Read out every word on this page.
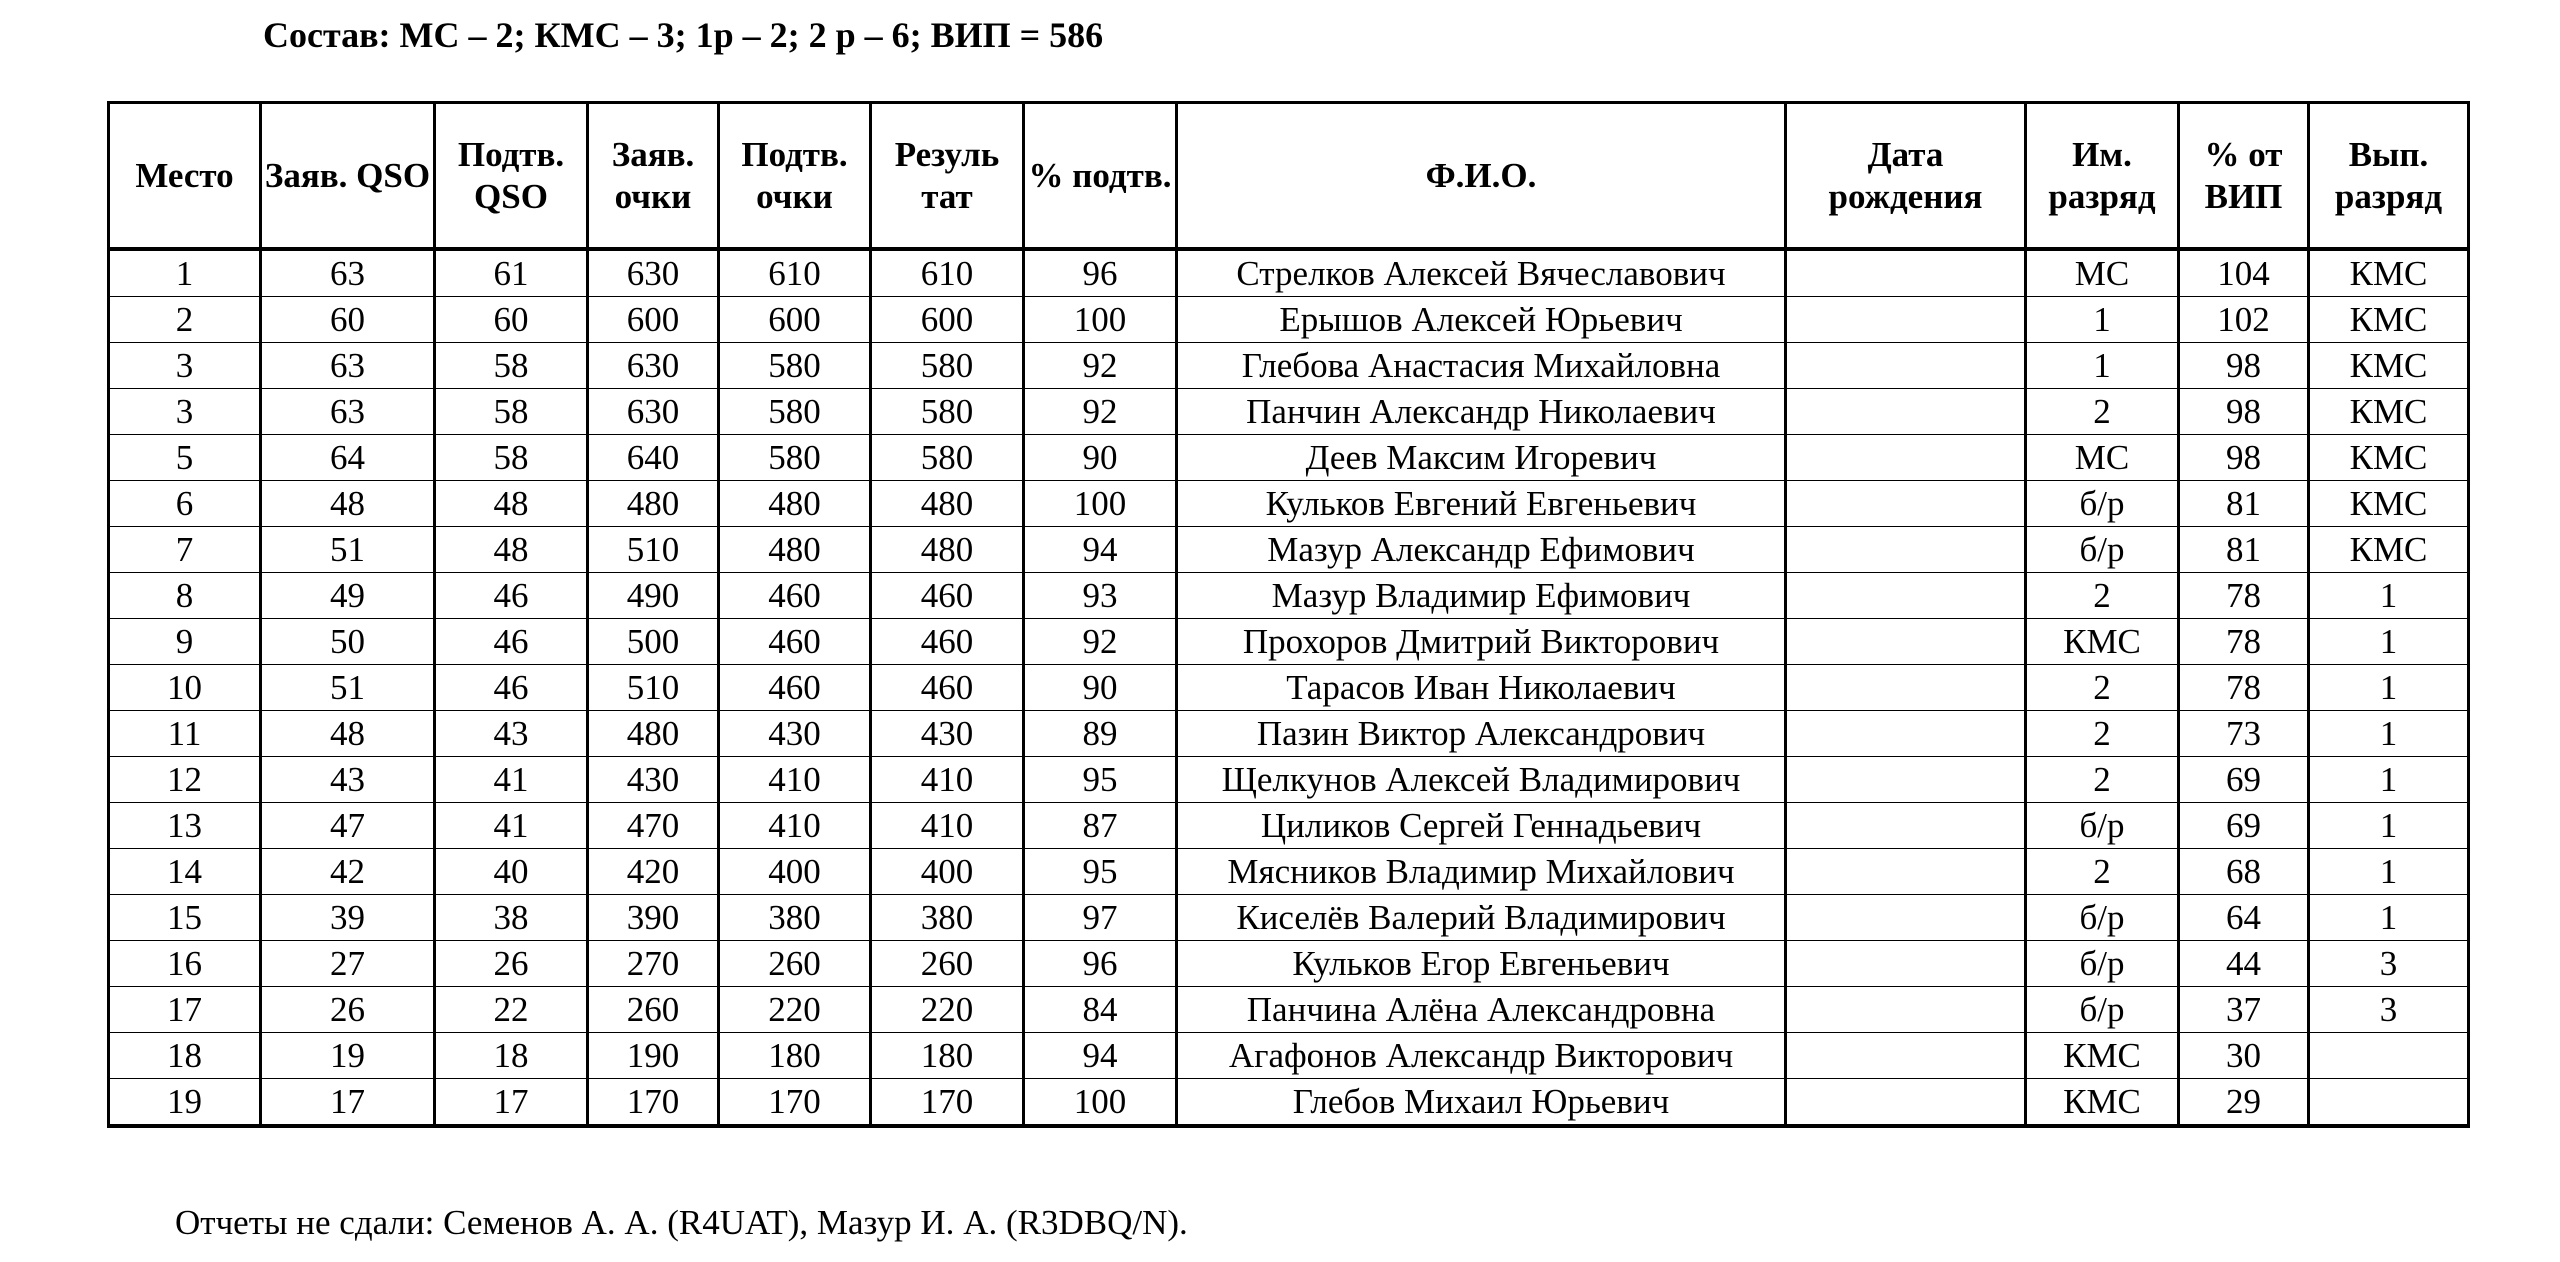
Состав: МС – 2; КМС – 3; 1р – 2; 2 р – 6; ВИП = 586
Место	Заяв. QSO	Подтв. QSO	Заяв. очки	Подтв. очки	Резуль тат	% подтв.	Ф.И.О.	Дата рождения	Им. разряд	% от ВИП	Вып. разряд
1	63	61	630	610	610	96	Стрелков Алексей Вячеславович		МС	104	КМС
2	60	60	600	600	600	100	Ерышов Алексей Юрьевич		1	102	КМС
3	63	58	630	580	580	92	Глебова Анастасия Михайловна		1	98	КМС
3	63	58	630	580	580	92	Панчин Александр Николаевич		2	98	КМС
5	64	58	640	580	580	90	Деев Максим Игоревич		МС	98	КМС
6	48	48	480	480	480	100	Кульков Евгений Евгеньевич		б/р	81	КМС
7	51	48	510	480	480	94	Мазур Александр Ефимович		б/р	81	КМС
8	49	46	490	460	460	93	Мазур Владимир Ефимович		2	78	1
9	50	46	500	460	460	92	Прохоров Дмитрий Викторович		КМС	78	1
10	51	46	510	460	460	90	Тарасов Иван Николаевич		2	78	1
11	48	43	480	430	430	89	Пазин Виктор Александрович		2	73	1
12	43	41	430	410	410	95	Щелкунов Алексей Владимирович		2	69	1
13	47	41	470	410	410	87	Циликов Сергей Геннадьевич		б/р	69	1
14	42	40	420	400	400	95	Мясников Владимир Михайлович		2	68	1
15	39	38	390	380	380	97	Киселёв Валерий Владимирович		б/р	64	1
16	27	26	270	260	260	96	Кульков Егор Евгеньевич		б/р	44	3
17	26	22	260	220	220	84	Панчина Алёна Александровна		б/р	37	3
18	19	18	190	180	180	94	Агафонов Александр Викторович		КМС	30	
19	17	17	170	170	170	100	Глебов Михаил Юрьевич		КМС	29	
Отчеты не сдали: Семенов А. А. (R4UAT), Мазур И. А. (R3DBQ/N).
